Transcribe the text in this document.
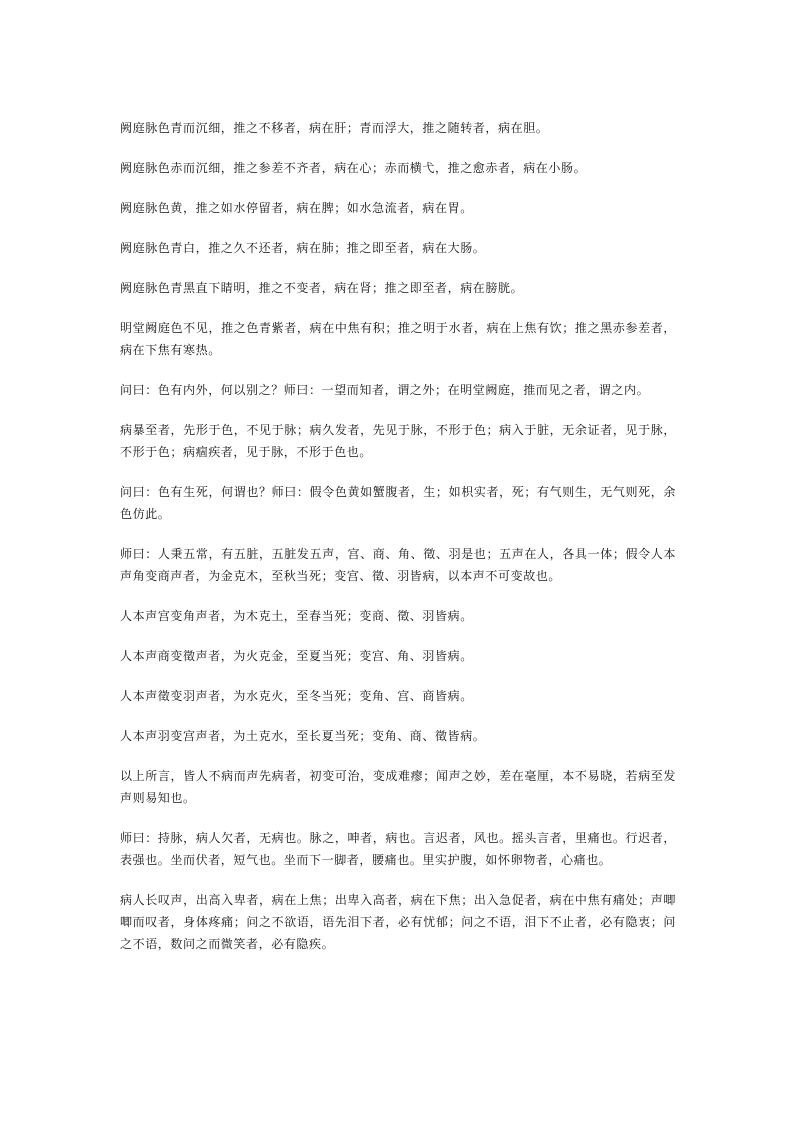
阙庭脉色青而沉细，推之不移者，病在肝；青而浮大，推之随转者，病在胆。

阙庭脉色赤而沉细，推之参差不齐者，病在心；赤而横弋，推之愈赤者，病在小肠。

阙庭脉色黄，推之如水停留者，病在脾；如水急流者，病在胃。

阙庭脉色青白，推之久不还者，病在肺；推之即至者，病在大肠。

阙庭脉色青黑直下睛明，推之不变者，病在肾；推之即至者，病在膀胱。

明堂阙庭色不见，推之色青紫者，病在中焦有积；推之明于水者，病在上焦有饮；推之黑赤参差者，病在下焦有寒热。

问曰：色有内外，何以别之？师曰：一望而知者，谓之外；在明堂阙庭，推而见之者，谓之内。

病暴至者，先形于色，不见于脉；病久发者，先见于脉，不形于色；病入于脏，无余证者，见于脉，不形于色；病痼疾者，见于脉，不形于色也。

问曰：色有生死，何谓也？师曰：假令色黄如蟹腹者，生；如枳实者，死；有气则生，无气则死，余色仿此。

师曰：人秉五常，有五脏，五脏发五声，宫、商、角、徵、羽是也；五声在人，各具一体；假令人本声角变商声者，为金克木，至秋当死；变宫、徵、羽皆病，以本声不可变故也。

人本声宫变角声者，为木克土，至春当死；变商、徵、羽皆病。

人本声商变徵声者，为火克金，至夏当死；变宫、角、羽皆病。

人本声徵变羽声者，为水克火，至冬当死；变角、宫、商皆病。

人本声羽变宫声者，为土克水，至长夏当死；变角、商、徵皆病。

以上所言，皆人不病而声先病者，初变可治，变成难瘳；闻声之妙，差在毫厘，本不易晓，若病至发声则易知也。

师曰：持脉，病人欠者，无病也。脉之，呻者，病也。言迟者，风也。摇头言者，里痛也。行迟者，表强也。坐而伏者，短气也。坐而下一脚者，腰痛也。里实护腹，如怀卵物者，心痛也。

病人长叹声，出高入卑者，病在上焦；出卑入高者，病在下焦；出入急促者，病在中焦有痛处；声唧唧而叹者，身体疼痛；问之不欲语，语先泪下者，必有忧郁；问之不语，泪下不止者，必有隐衷；问之不语，数问之而微笑者，必有隐疾。
